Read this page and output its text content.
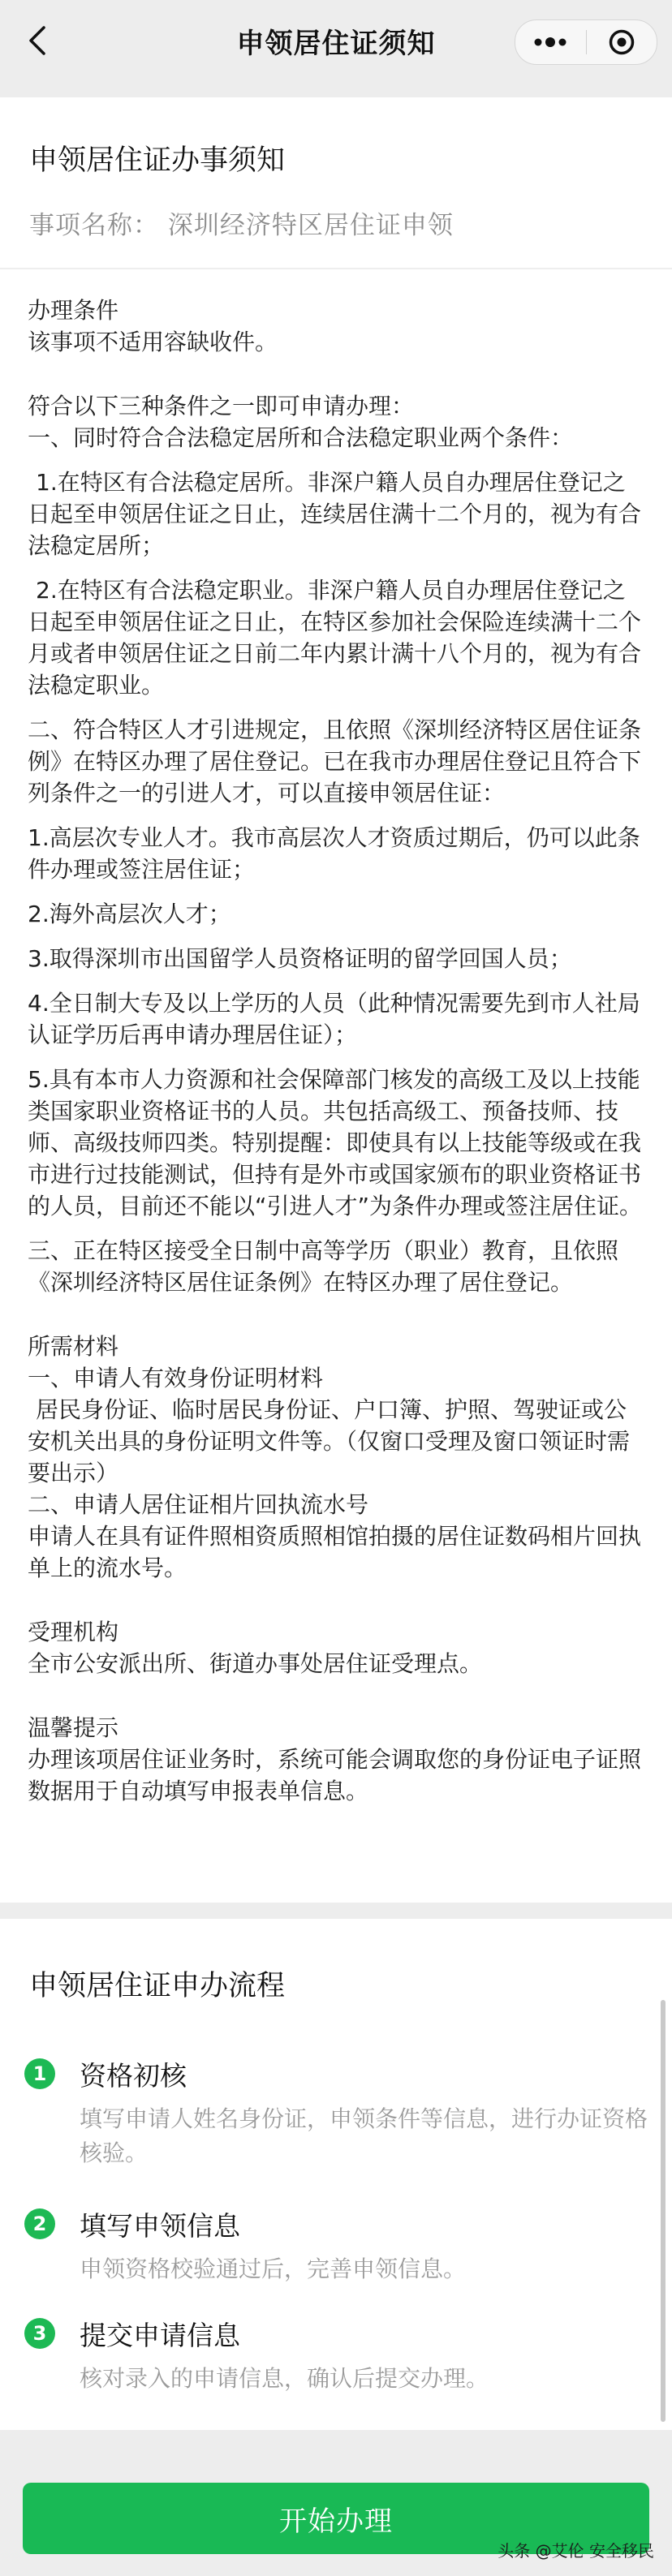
申领居住证须知
申领居住证办事须知
事项名称： 深圳经济特区居住证申领

办理条件

该事项不适用容缺收件。

符合以下三种条件之一即可申请办理：

一、同时符合合法稳定居所和合法稳定职业两个条件：

1.在特区有合法稳定居所。非深户籍人员自办理居住登记之日起至申领居住证之日止，连续居住满十二个月的，视为有合法稳定居所；

2.在特区有合法稳定职业。非深户籍人员自办理居住登记之日起至申领居住证之日止，在特区参加社会保险连续满十二个月或者申领居住证之日前二年内累计满十八个月的，视为有合法稳定职业。

二、符合特区人才引进规定，且依照《深圳经济特区居住证条例》在特区办理了居住登记。已在我市办理居住登记且符合下列条件之一的引进人才，可以直接申领居住证：

1.高层次专业人才。我市高层次人才资质过期后，仍可以此条件办理或签注居住证；

2.海外高层次人才；

3.取得深圳市出国留学人员资格证明的留学回国人员；

4.全日制大专及以上学历的人员（此种情况需要先到市人社局认证学历后再申请办理居住证）；

5.具有本市人力资源和社会保障部门核发的高级工及以上技能类国家职业资格证书的人员。共包括高级工、预备技师、技师、高级技师四类。特别提醒：即使具有以上技能等级或在我市进行过技能测试，但持有是外市或国家颁布的职业资格证书的人员，目前还不能以“引进人才”为条件办理或签注居住证。

三、正在特区接受全日制中高等学历（职业）教育，且依照《深圳经济特区居住证条例》在特区办理了居住登记。

所需材料

一、申请人有效身份证明材料

居民身份证、临时居民身份证、户口簿、护照、驾驶证或公安机关出具的身份证明文件等。（仅窗口受理及窗口领证时需要出示）

二、申请人居住证相片回执流水号

申请人在具有证件照相资质照相馆拍摄的居住证数码相片回执单上的流水号。

受理机构

全市公安派出所、街道办事处居住证受理点。

温馨提示

办理该项居住证业务时，系统可能会调取您的身份证电子证照数据用于自动填写申报表单信息。

申领居住证申办流程
1	资格初核
填写申请人姓名身份证，申领条件等信息，进行办证资格核验。
2	填写申领信息
申领资格校验通过后，完善申领信息。
3	提交申请信息
核对录入的申请信息，确认后提交办理。
开始办理
头条 @艾伦 安全移民
